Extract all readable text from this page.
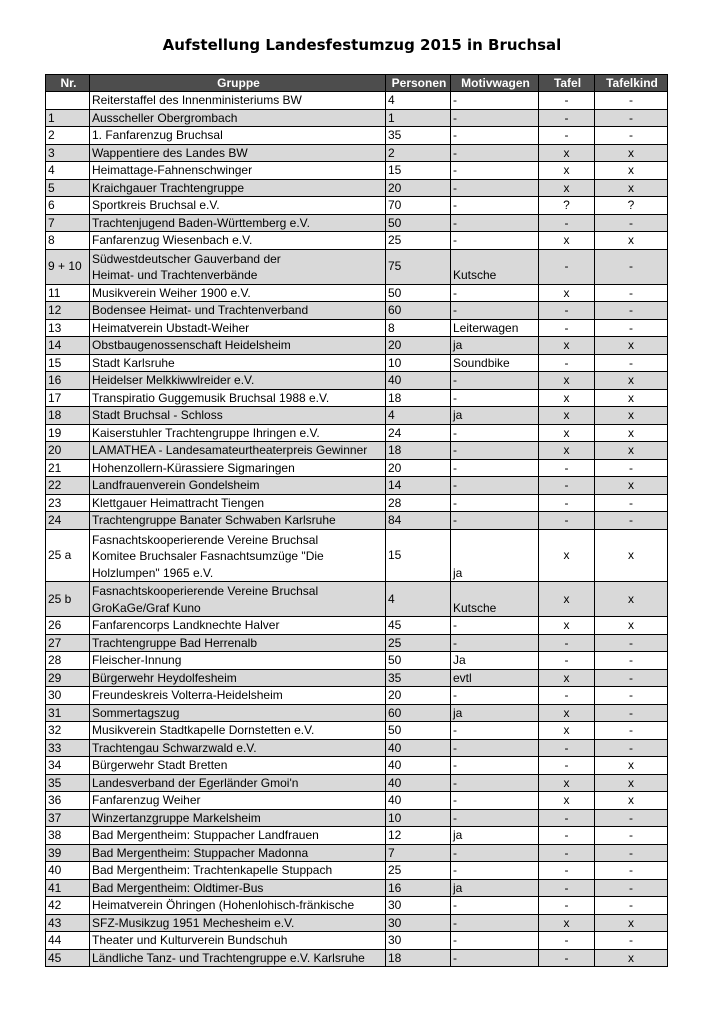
Aufstellung Landesfestumzug 2015 in Bruchsal
Nr.	Gruppe	Personen	Motivwagen	Tafel	Tafelkind

	Reiterstaffel des Innenministeriums BW	4	-	-	-
1	Ausscheller Obergrombach	1	-	-	-
2	1. Fanfarenzug Bruchsal	35	-	-	-
3	Wappentiere des Landes BW	2	-	x	x
4	Heimattage-Fahnenschwinger	15	-	x	x
5	Kraichgauer Trachtengruppe	20	-	x	x
6	Sportkreis Bruchsal e.V.	70	-	?	?
7	Trachtenjugend Baden-Württemberg e.V.	50	-	-	-
8	Fanfarenzug Wiesenbach e.V.	25	-	x	x
9 + 10	Südwestdeutscher Gauverband der
Heimat- und Trachtenverbände	75	Kutsche	-	-
11	Musikverein Weiher 1900 e.V.	50	-	x	-
12	Bodensee Heimat- und Trachtenverband	60	-	-	-
13	Heimatverein Ubstadt-Weiher	8	Leiterwagen	-	-
14	Obstbaugenossenschaft Heidelsheim	20	ja	x	x
15	Stadt Karlsruhe	10	Soundbike	-	-
16	Heidelser Melkkiwwlreider e.V.	40	-	x	x
17	Transpiratio Guggemusik Bruchsal 1988 e.V.	18	-	x	x
18	Stadt Bruchsal - Schloss	4	ja	x	x
19	Kaiserstuhler Trachtengruppe Ihringen e.V.	24	-	x	x
20	LAMATHEA - Landesamateurtheaterpreis Gewinner	18	-	x	x
21	Hohenzollern-Kürassiere Sigmaringen	20	-	-	-
22	Landfrauenverein Gondelsheim	14	-	-	x
23	Klettgauer Heimattracht Tiengen	28	-	-	-
24	Trachtengruppe Banater Schwaben Karlsruhe	84	-	-	-
25 a	Fasnachtskooperierende Vereine Bruchsal
Komitee Bruchsaler Fasnachtsumzüge "Die
Holzlumpen" 1965 e.V.	15	ja	x	x
25 b	Fasnachtskooperierende Vereine Bruchsal
GroKaGe/Graf Kuno	4	Kutsche	x	x
26	Fanfarencorps Landknechte Halver	45	-	x	x
27	Trachtengruppe Bad Herrenalb	25	-	-	-
28	Fleischer-Innung	50	Ja	-	-
29	Bürgerwehr Heydolfesheim	35	evtl	x	-
30	Freundeskreis Volterra-Heidelsheim	20	-	-	-
31	Sommertagszug	60	ja	x	-
32	Musikverein Stadtkapelle Dornstetten e.V.	50	-	x	-
33	Trachtengau Schwarzwald e.V.	40	-	-	-
34	Bürgerwehr Stadt Bretten	40	-	-	x
35	Landesverband der Egerländer Gmoi'n	40	-	x	x
36	Fanfarenzug Weiher	40	-	x	x
37	Winzertanzgruppe Markelsheim	10	-	-	-
38	Bad Mergentheim: Stuppacher Landfrauen	12	ja	-	-
39	Bad Mergentheim: Stuppacher Madonna	7	-	-	-
40	Bad Mergentheim: Trachtenkapelle Stuppach	25	-	-	-
41	Bad Mergentheim: Oldtimer-Bus	16	ja	-	-
42	Heimatverein Öhringen (Hohenlohisch-fränkische	30	-	-	-
43	SFZ-Musikzug 1951 Mechesheim e.V.	30	-	x	x
44	Theater und Kulturverein Bundschuh	30	-	-	-
45	Ländliche Tanz- und Trachtengruppe e.V. Karlsruhe	18	-	-	x
